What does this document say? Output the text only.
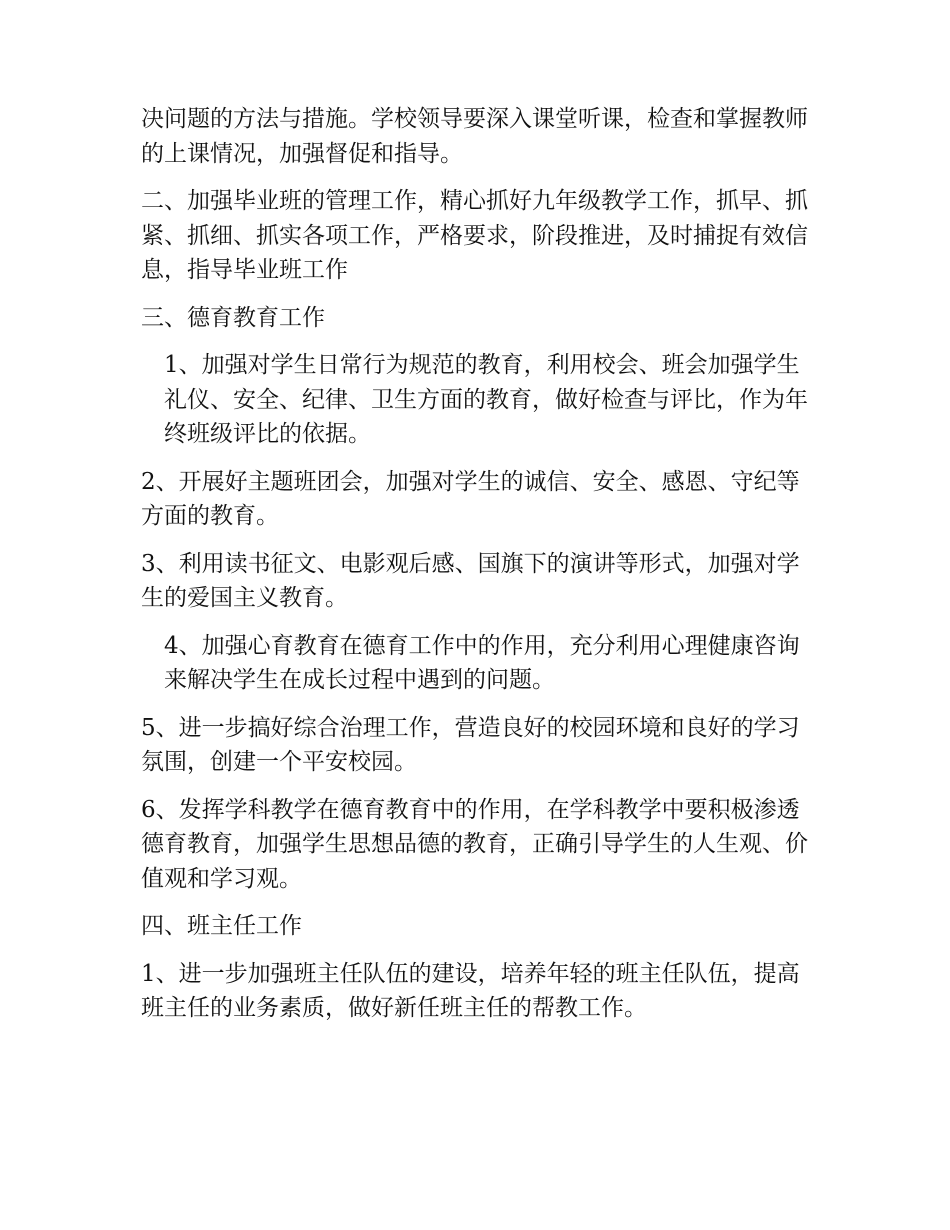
决问题的方法与措施。学校领导要深入课堂听课，检查和掌握教师的上课情况，加强督促和指导。

二、加强毕业班的管理工作，精心抓好九年级教学工作，抓早、抓紧、抓细、抓实各项工作，严格要求，阶段推进，及时捕捉有效信息，指导毕业班工作

三、德育教育工作

1、加强对学生日常行为规范的教育，利用校会、班会加强学生礼仪、安全、纪律、卫生方面的教育，做好检查与评比，作为年终班级评比的依据。

2、开展好主题班团会，加强对学生的诚信、安全、感恩、守纪等方面的教育。

3、利用读书征文、电影观后感、国旗下的演讲等形式，加强对学生的爱国主义教育。

4、加强心育教育在德育工作中的作用，充分利用心理健康咨询来解决学生在成长过程中遇到的问题。

5、进一步搞好综合治理工作，营造良好的校园环境和良好的学习氛围，创建一个平安校园。

6、发挥学科教学在德育教育中的作用，在学科教学中要积极渗透德育教育，加强学生思想品德的教育，正确引导学生的人生观、价值观和学习观。

四、班主任工作

1、进一步加强班主任队伍的建设，培养年轻的班主任队伍，提高班主任的业务素质，做好新任班主任的帮教工作。
